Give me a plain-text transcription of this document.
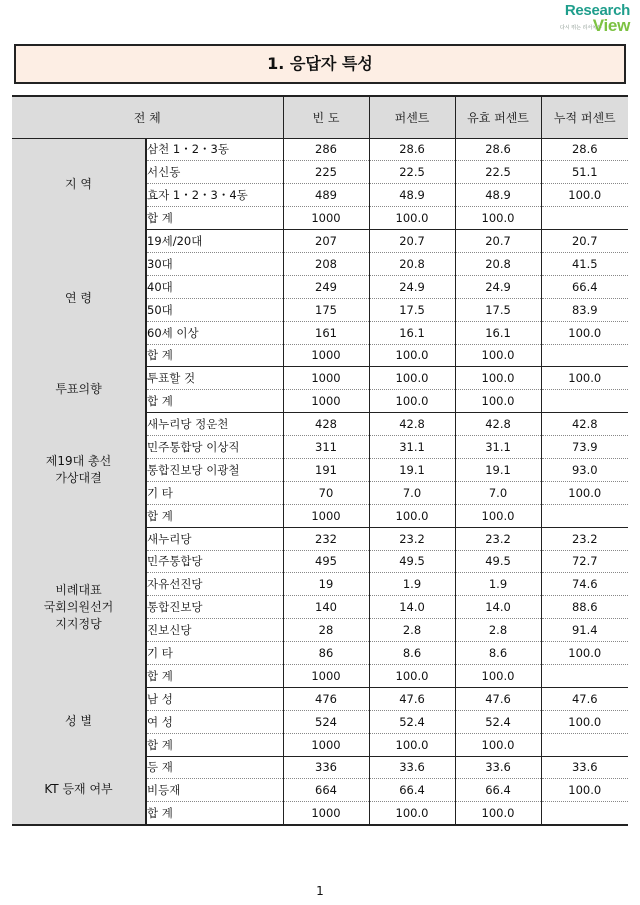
다시 뛰는 리서치뷰
Research
View
1. 응답자 특성
전 체		빈 도	퍼센트	유효 퍼센트	누적 퍼센트
지 역	삼천 1・2・3동	286	28.6	28.6	28.6
	서신동	225	22.5	22.5	51.1
	효자 1・2・3・4동	489	48.9	48.9	100.0
	합 계	1000	100.0	100.0	
연 령	19세/20대	207	20.7	20.7	20.7
	30대	208	20.8	20.8	41.5
	40대	249	24.9	24.9	66.4
	50대	175	17.5	17.5	83.9
	60세 이상	161	16.1	16.1	100.0
	합 계	1000	100.0	100.0	
투표의향	투표할 것	1000	100.0	100.0	100.0
	합 계	1000	100.0	100.0	
제19대 총선
가상대결	새누리당 정운천	428	42.8	42.8	42.8
	민주통합당 이상직	311	31.1	31.1	73.9
	통합진보당 이광철	191	19.1	19.1	93.0
	기 타	70	7.0	7.0	100.0
	합 계	1000	100.0	100.0	
비례대표
국회의원선거
지지정당	새누리당	232	23.2	23.2	23.2
	민주통합당	495	49.5	49.5	72.7
	자유선진당	19	1.9	1.9	74.6
	통합진보당	140	14.0	14.0	88.6
	진보신당	28	2.8	2.8	91.4
	기 타	86	8.6	8.6	100.0
	합 계	1000	100.0	100.0	
성 별	남 성	476	47.6	47.6	47.6
	여 성	524	52.4	52.4	100.0
	합 계	1000	100.0	100.0	
KT 등재 여부	등 재	336	33.6	33.6	33.6
	비등재	664	66.4	66.4	100.0
	합 계	1000	100.0	100.0	
1
